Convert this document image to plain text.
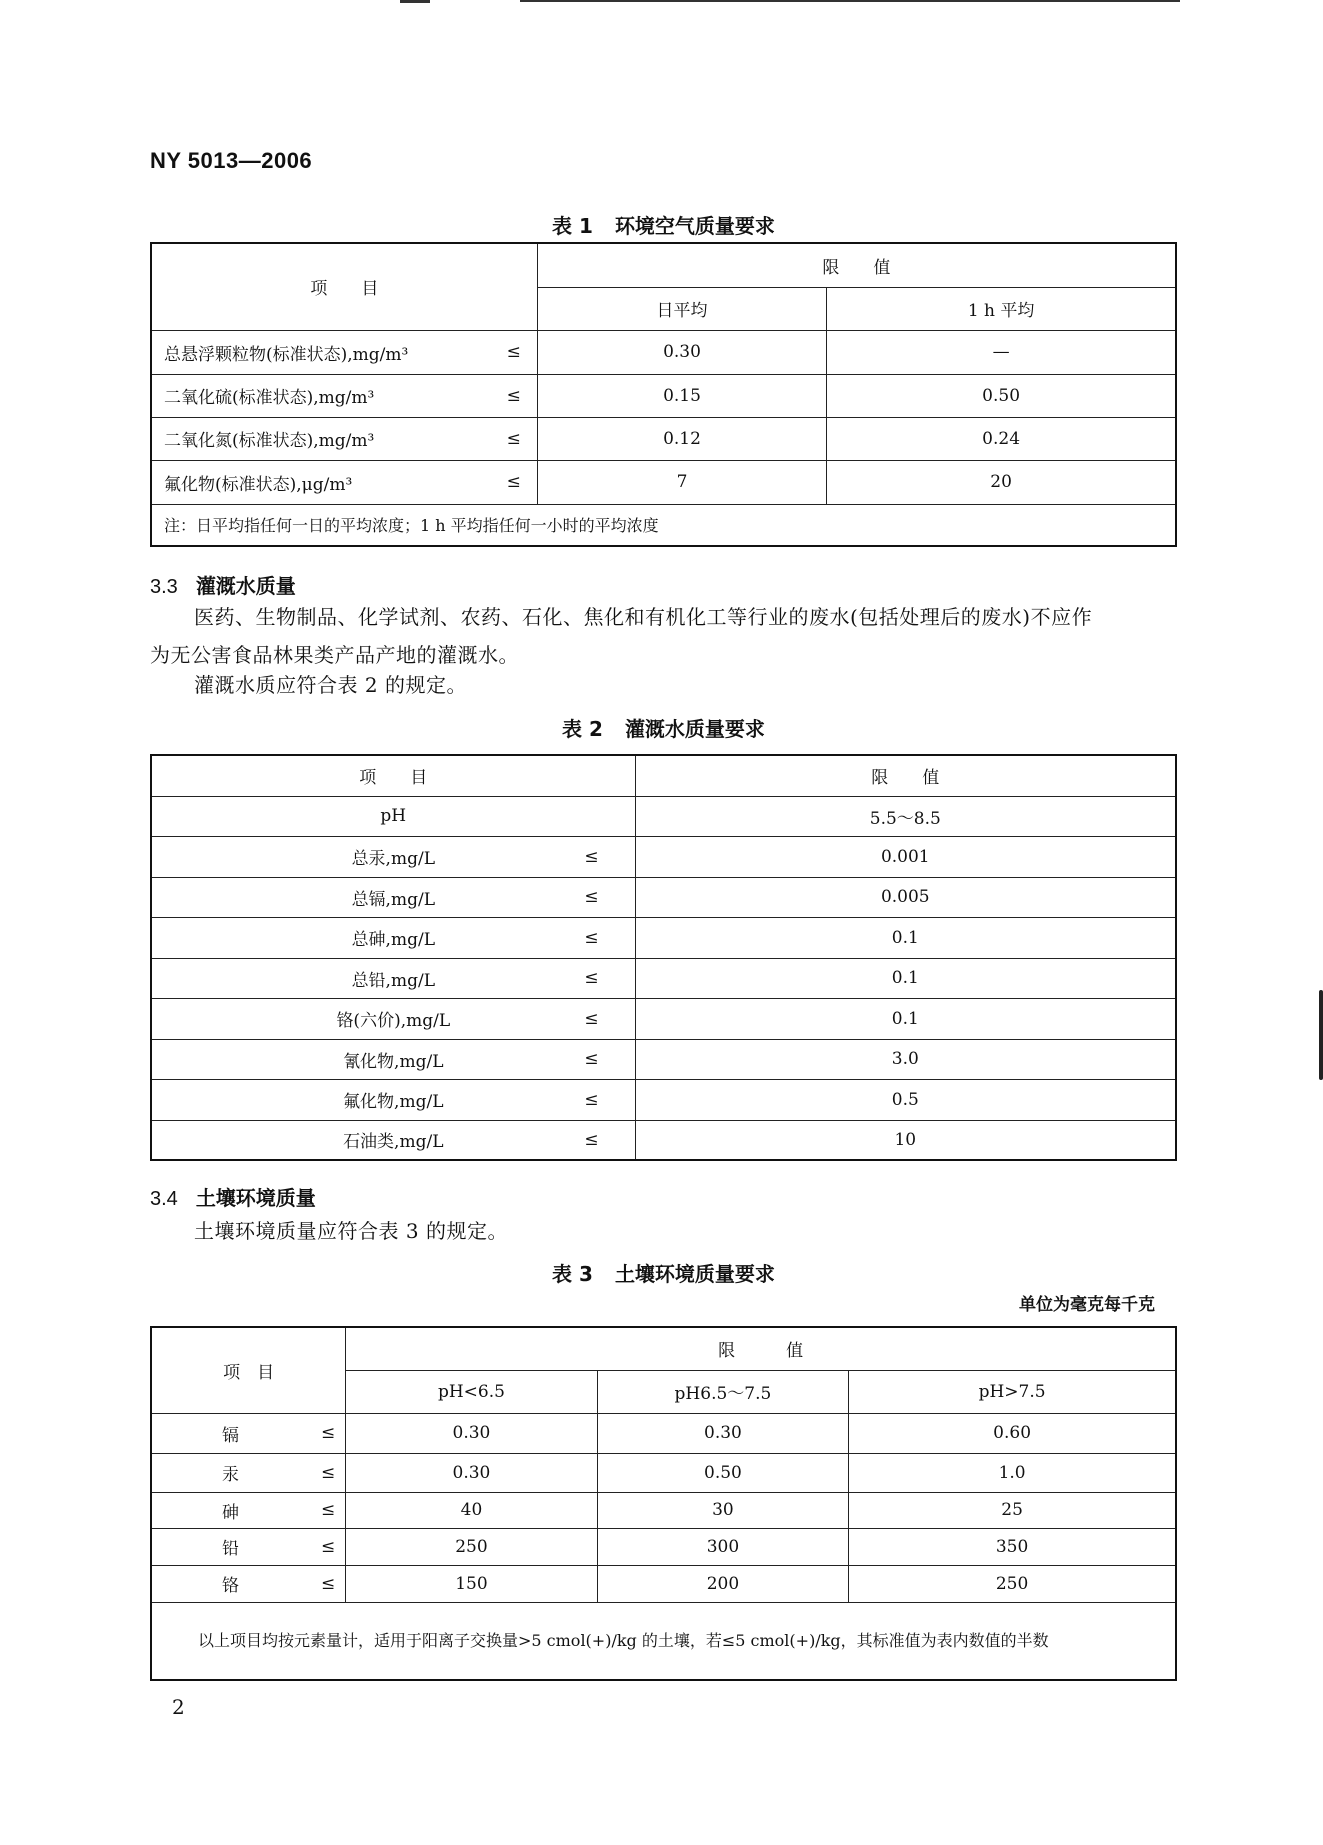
NY 5013—2006
表 1 环境空气质量要求
项　　目	限　　值	
	日平均	1 h 平均
总悬浮颗粒物(标准状态),mg/m³ ≤	0.30	—
二氧化硫(标准状态),mg/m³ ≤	0.15	0.50
二氧化氮(标准状态),mg/m³ ≤	0.12	0.24
氟化物(标准状态),μg/m³ ≤	7	20
注：日平均指任何一日的平均浓度；1 h 平均指任何一小时的平均浓度		
3.3 灌溉水质量
医药、生物制品、化学试剂、农药、石化、焦化和有机化工等行业的废水(包括处理后的废水)不应作
为无公害食品林果类产品产地的灌溉水。
灌溉水质应符合表 2 的规定。
表 2 灌溉水质量要求
项　　目	限　　值
pH	5.5～8.5
总汞,mg/L ≤	0.001
总镉,mg/L ≤	0.005
总砷,mg/L ≤	0.1
总铅,mg/L ≤	0.1
铬(六价),mg/L ≤	0.1
氰化物,mg/L ≤	3.0
氟化物,mg/L ≤	0.5
石油类,mg/L ≤	10
3.4 土壤环境质量
土壤环境质量应符合表 3 的规定。
表 3 土壤环境质量要求
单位为毫克每千克
项　目	限　　　值		
	pH<6.5	pH6.5～7.5	pH>7.5
镉 ≤	0.30	0.30	0.60
汞 ≤	0.30	0.50	1.0
砷 ≤	40	30	25
铅 ≤	250	300	350
铬 ≤	150	200	250
以上项目均按元素量计，适用于阳离子交换量>5 cmol(+)/kg 的土壤，若≤5 cmol(+)/kg，其标准值为表内数值的半数			
2
